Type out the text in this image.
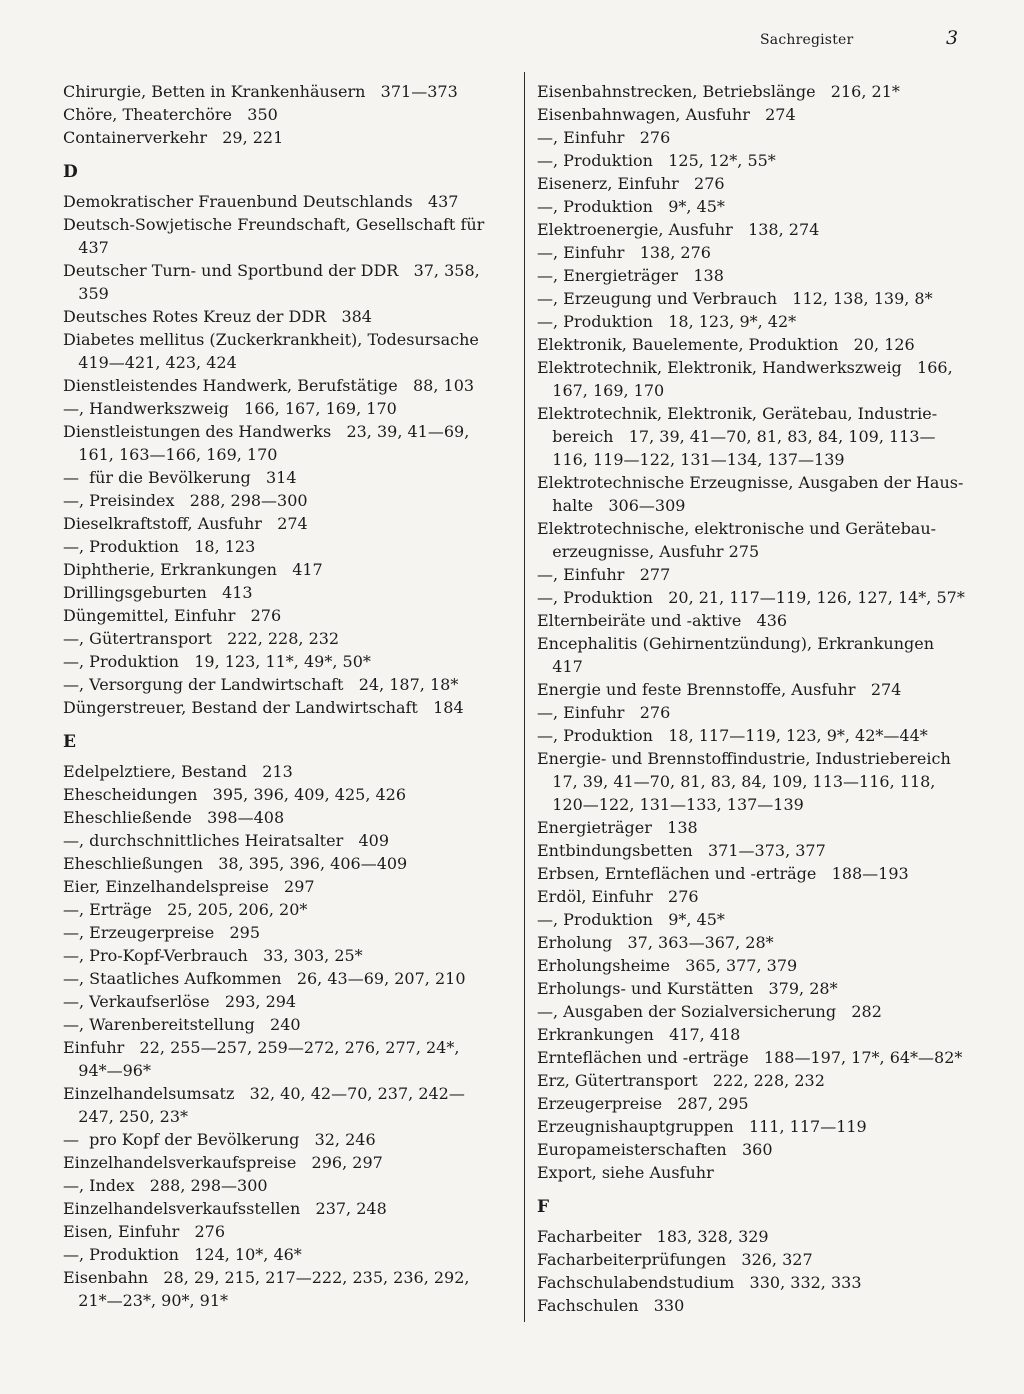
Sachregister	3
Chirurgie, Betten in Krankenhäusern   371—373
Chöre, Theaterchöre   350
Containerverkehr   29, 221
D
Demokratischer Frauenbund Deutschlands   437
Deutsch-Sowjetische Freundschaft, Gesellschaft für
437
Deutscher Turn- und Sportbund der DDR   37, 358,
359
Deutsches Rotes Kreuz der DDR   384
Diabetes mellitus (Zuckerkrankheit), Todesursache
419—421, 423, 424
Dienstleistendes Handwerk, Berufstätige   88, 103
—, Handwerkszweig   166, 167, 169, 170
Dienstleistungen des Handwerks   23, 39, 41—69,
161, 163—166, 169, 170
—  für die Bevölkerung   314
—, Preisindex   288, 298—300
Dieselkraftstoff, Ausfuhr   274
—, Produktion   18, 123
Diphtherie, Erkrankungen   417
Drillingsgeburten   413
Düngemittel, Einfuhr   276
—, Gütertransport   222, 228, 232
—, Produktion   19, 123, 11*, 49*, 50*
—, Versorgung der Landwirtschaft   24, 187, 18*
Düngerstreuer, Bestand der Landwirtschaft   184
E
Edelpelztiere, Bestand   213
Ehescheidungen   395, 396, 409, 425, 426
Eheschließende   398—408
—, durchschnittliches Heiratsalter   409
Eheschließungen   38, 395, 396, 406—409
Eier, Einzelhandelspreise   297
—, Erträge   25, 205, 206, 20*
—, Erzeugerpreise   295
—, Pro-Kopf-Verbrauch   33, 303, 25*
—, Staatliches Aufkommen   26, 43—69, 207, 210
—, Verkaufserlöse   293, 294
—, Warenbereitstellung   240
Einfuhr   22, 255—257, 259—272, 276, 277, 24*,
94*—96*
Einzelhandelsumsatz   32, 40, 42—70, 237, 242—
247, 250, 23*
—  pro Kopf der Bevölkerung   32, 246
Einzelhandelsverkaufspreise   296, 297
—, Index   288, 298—300
Einzelhandelsverkaufsstellen   237, 248
Eisen, Einfuhr   276
—, Produktion   124, 10*, 46*
Eisenbahn   28, 29, 215, 217—222, 235, 236, 292,
21*—23*, 90*, 91*
Eisenbahnstrecken, Betriebslänge   216, 21*
Eisenbahnwagen, Ausfuhr   274
—, Einfuhr   276
—, Produktion   125, 12*, 55*
Eisenerz, Einfuhr   276
—, Produktion   9*, 45*
Elektroenergie, Ausfuhr   138, 274
—, Einfuhr   138, 276
—, Energieträger   138
—, Erzeugung und Verbrauch   112, 138, 139, 8*
—, Produktion   18, 123, 9*, 42*
Elektronik, Bauelemente, Produktion   20, 126
Elektrotechnik, Elektronik, Handwerkszweig   166,
167, 169, 170
Elektrotechnik, Elektronik, Gerätebau, Industrie-
bereich   17, 39, 41—70, 81, 83, 84, 109, 113—
116, 119—122, 131—134, 137—139
Elektrotechnische Erzeugnisse, Ausgaben der Haus-
halte   306—309
Elektrotechnische, elektronische und Gerätebau-
erzeugnisse, Ausfuhr 275
—, Einfuhr   277
—, Produktion   20, 21, 117—119, 126, 127, 14*, 57*
Elternbeiräte und -aktive   436
Encephalitis (Gehirnentzündung), Erkrankungen
417
Energie und feste Brennstoffe, Ausfuhr   274
—, Einfuhr   276
—, Produktion   18, 117—119, 123, 9*, 42*—44*
Energie- und Brennstoffindustrie, Industriebereich
17, 39, 41—70, 81, 83, 84, 109, 113—116, 118,
120—122, 131—133, 137—139
Energieträger   138
Entbindungsbetten   371—373, 377
Erbsen, Ernteflächen und -erträge   188—193
Erdöl, Einfuhr   276
—, Produktion   9*, 45*
Erholung   37, 363—367, 28*
Erholungsheime   365, 377, 379
Erholungs- und Kurstätten   379, 28*
—, Ausgaben der Sozialversicherung   282
Erkrankungen   417, 418
Ernteflächen und -erträge   188—197, 17*, 64*—82*
Erz, Gütertransport   222, 228, 232
Erzeugerpreise   287, 295
Erzeugnishauptgruppen   111, 117—119
Europameisterschaften   360
Export, siehe Ausfuhr
F
Facharbeiter   183, 328, 329
Facharbeiterprüfungen   326, 327
Fachschulabendstudium   330, 332, 333
Fachschulen   330
